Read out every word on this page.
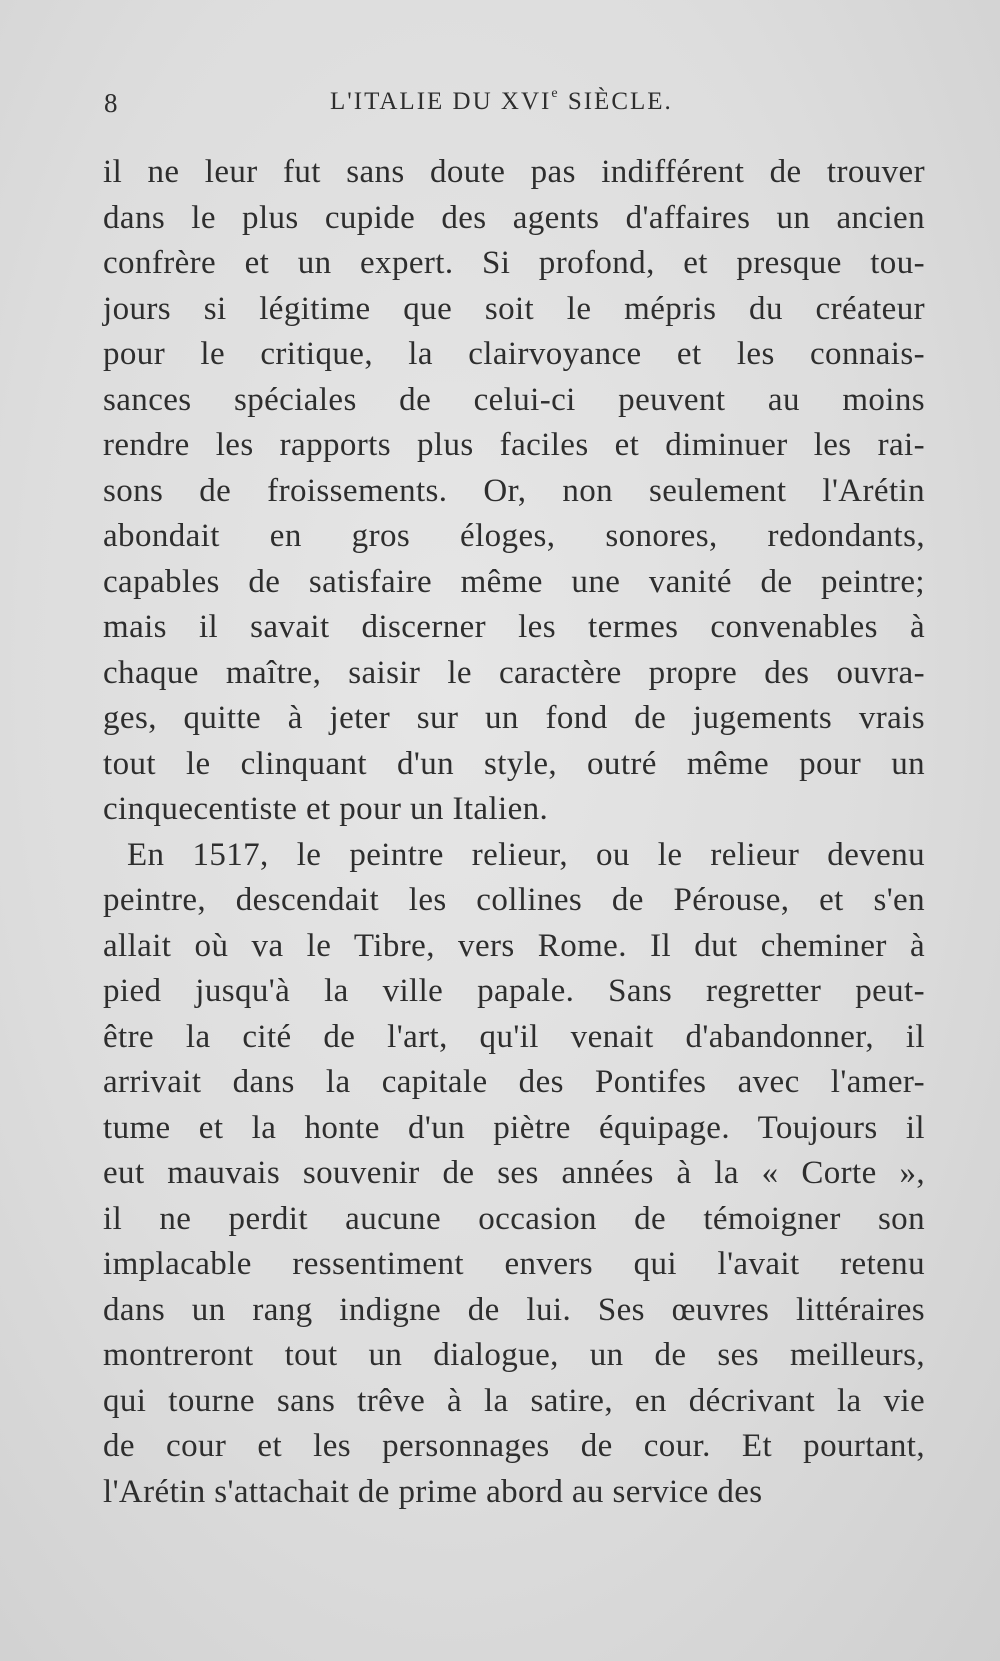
8	L'ITALIE DU XVIe SIÈCLE.
il ne leur fut sans doute pas indifférent de trouver
dans le plus cupide des agents d'affaires un ancien
confrère et un expert. Si profond, et presque tou-
jours si légitime que soit le mépris du créateur
pour le critique, la clairvoyance et les connais-
sances spéciales de celui-ci peuvent au moins
rendre les rapports plus faciles et diminuer les rai-
sons de froissements. Or, non seulement l'Arétin
abondait en gros éloges, sonores, redondants,
capables de satisfaire même une vanité de peintre;
mais il savait discerner les termes convenables à
chaque maître, saisir le caractère propre des ouvra-
ges, quitte à jeter sur un fond de jugements vrais
tout le clinquant d'un style, outré même pour un
cinquecentiste et pour un Italien.
En 1517, le peintre relieur, ou le relieur devenu
peintre, descendait les collines de Pérouse, et s'en
allait où va le Tibre, vers Rome. Il dut cheminer à
pied jusqu'à la ville papale. Sans regretter peut-
être la cité de l'art, qu'il venait d'abandonner, il
arrivait dans la capitale des Pontifes avec l'amer-
tume et la honte d'un piètre équipage. Toujours il
eut mauvais souvenir de ses années à la « Corte »,
il ne perdit aucune occasion de témoigner son
implacable ressentiment envers qui l'avait retenu
dans un rang indigne de lui. Ses œuvres littéraires
montreront tout un dialogue, un de ses meilleurs,
qui tourne sans trêve à la satire, en décrivant la vie
de cour et les personnages de cour. Et pourtant,
l'Arétin s'attachait de prime abord au service des
